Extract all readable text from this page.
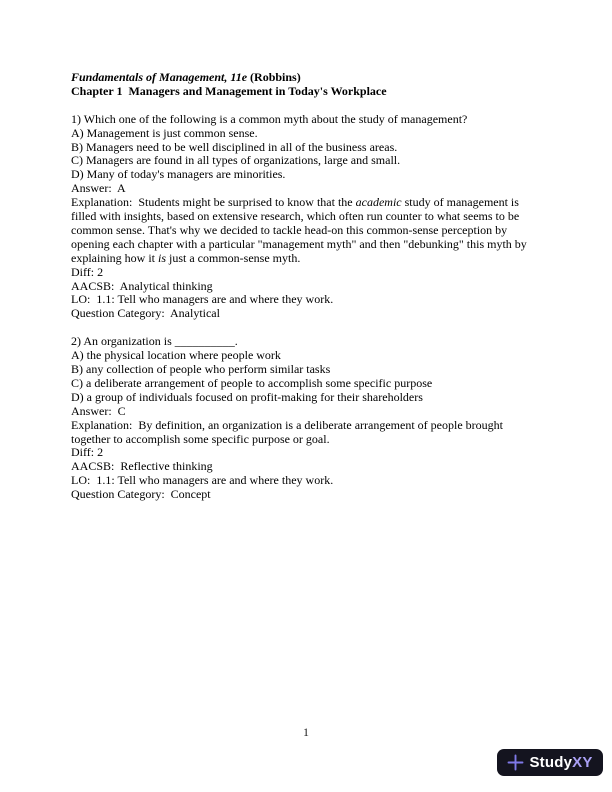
Fundamentals of Management, 11e (Robbins)
Chapter 1  Managers and Management in Today's Workplace
1) Which one of the following is a common myth about the study of management?
A) Management is just common sense.
B) Managers need to be well disciplined in all of the business areas.
C) Managers are found in all types of organizations, large and small.
D) Many of today's managers are minorities.
Answer:  A
Explanation:  Students might be surprised to know that the academic study of management is
filled with insights, based on extensive research, which often run counter to what seems to be
common sense. That's why we decided to tackle head-on this common-sense perception by
opening each chapter with a particular "management myth" and then "debunking" this myth by
explaining how it is just a common-sense myth.
Diff: 2
AACSB:  Analytical thinking
LO:  1.1: Tell who managers are and where they work.
Question Category:  Analytical
2) An organization is __________.
A) the physical location where people work
B) any collection of people who perform similar tasks
C) a deliberate arrangement of people to accomplish some specific purpose
D) a group of individuals focused on profit-making for their shareholders
Answer:  C
Explanation:  By definition, an organization is a deliberate arrangement of people brought
together to accomplish some specific purpose or goal.
Diff: 2
AACSB:  Reflective thinking
LO:  1.1: Tell who managers are and where they work.
Question Category:  Concept
1
Study XY
